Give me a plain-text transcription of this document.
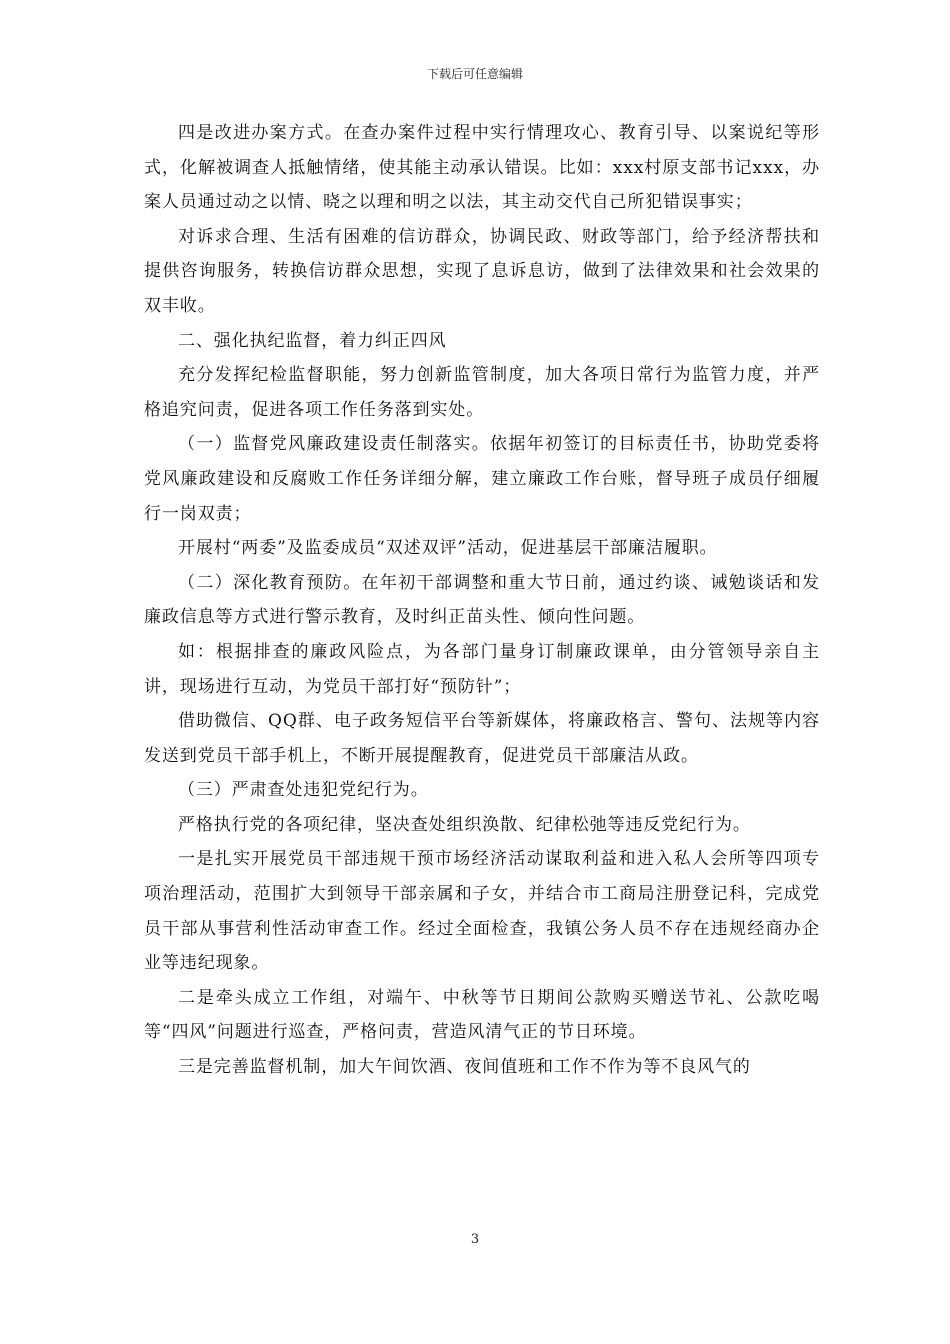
下载后可任意编辑

四是改进办案方式。在查办案件过程中实行情理攻心、教育引导、以案说纪等形式，化解被调查人抵触情绪，使其能主动承认错误。比如：xxx村原支部书记xxx，办案人员通过动之以情、晓之以理和明之以法，其主动交代自己所犯错误事实；

对诉求合理、生活有困难的信访群众，协调民政、财政等部门，给予经济帮扶和提供咨询服务，转换信访群众思想，实现了息诉息访，做到了法律效果和社会效果的双丰收。

二、强化执纪监督，着力纠正四风

充分发挥纪检监督职能，努力创新监管制度，加大各项日常行为监管力度，并严格追究问责，促进各项工作任务落到实处。

（一）监督党风廉政建设责任制落实。依据年初签订的目标责任书，协助党委将党风廉政建设和反腐败工作任务详细分解，建立廉政工作台账，督导班子成员仔细履行一岗双责；

开展村“两委”及监委成员“双述双评”活动，促进基层干部廉洁履职。

（二）深化教育预防。在年初干部调整和重大节日前，通过约谈、诫勉谈话和发廉政信息等方式进行警示教育，及时纠正苗头性、倾向性问题。

如：根据排查的廉政风险点，为各部门量身订制廉政课单，由分管领导亲自主讲，现场进行互动，为党员干部打好“预防针”；

借助微信、QQ群、电子政务短信平台等新媒体，将廉政格言、警句、法规等内容发送到党员干部手机上，不断开展提醒教育，促进党员干部廉洁从政。

（三）严肃查处违犯党纪行为。

严格执行党的各项纪律，坚决查处组织涣散、纪律松弛等违反党纪行为。

一是扎实开展党员干部违规干预市场经济活动谋取利益和进入私人会所等四项专项治理活动，范围扩大到领导干部亲属和子女，并结合市工商局注册登记科，完成党员干部从事营利性活动审查工作。经过全面检查，我镇公务人员不存在违规经商办企业等违纪现象。

二是牵头成立工作组，对端午、中秋等节日期间公款购买赠送节礼、公款吃喝等“四风”问题进行巡查，严格问责，营造风清气正的节日环境。

三是完善监督机制，加大午间饮酒、夜间值班和工作不作为等不良风气的

3
